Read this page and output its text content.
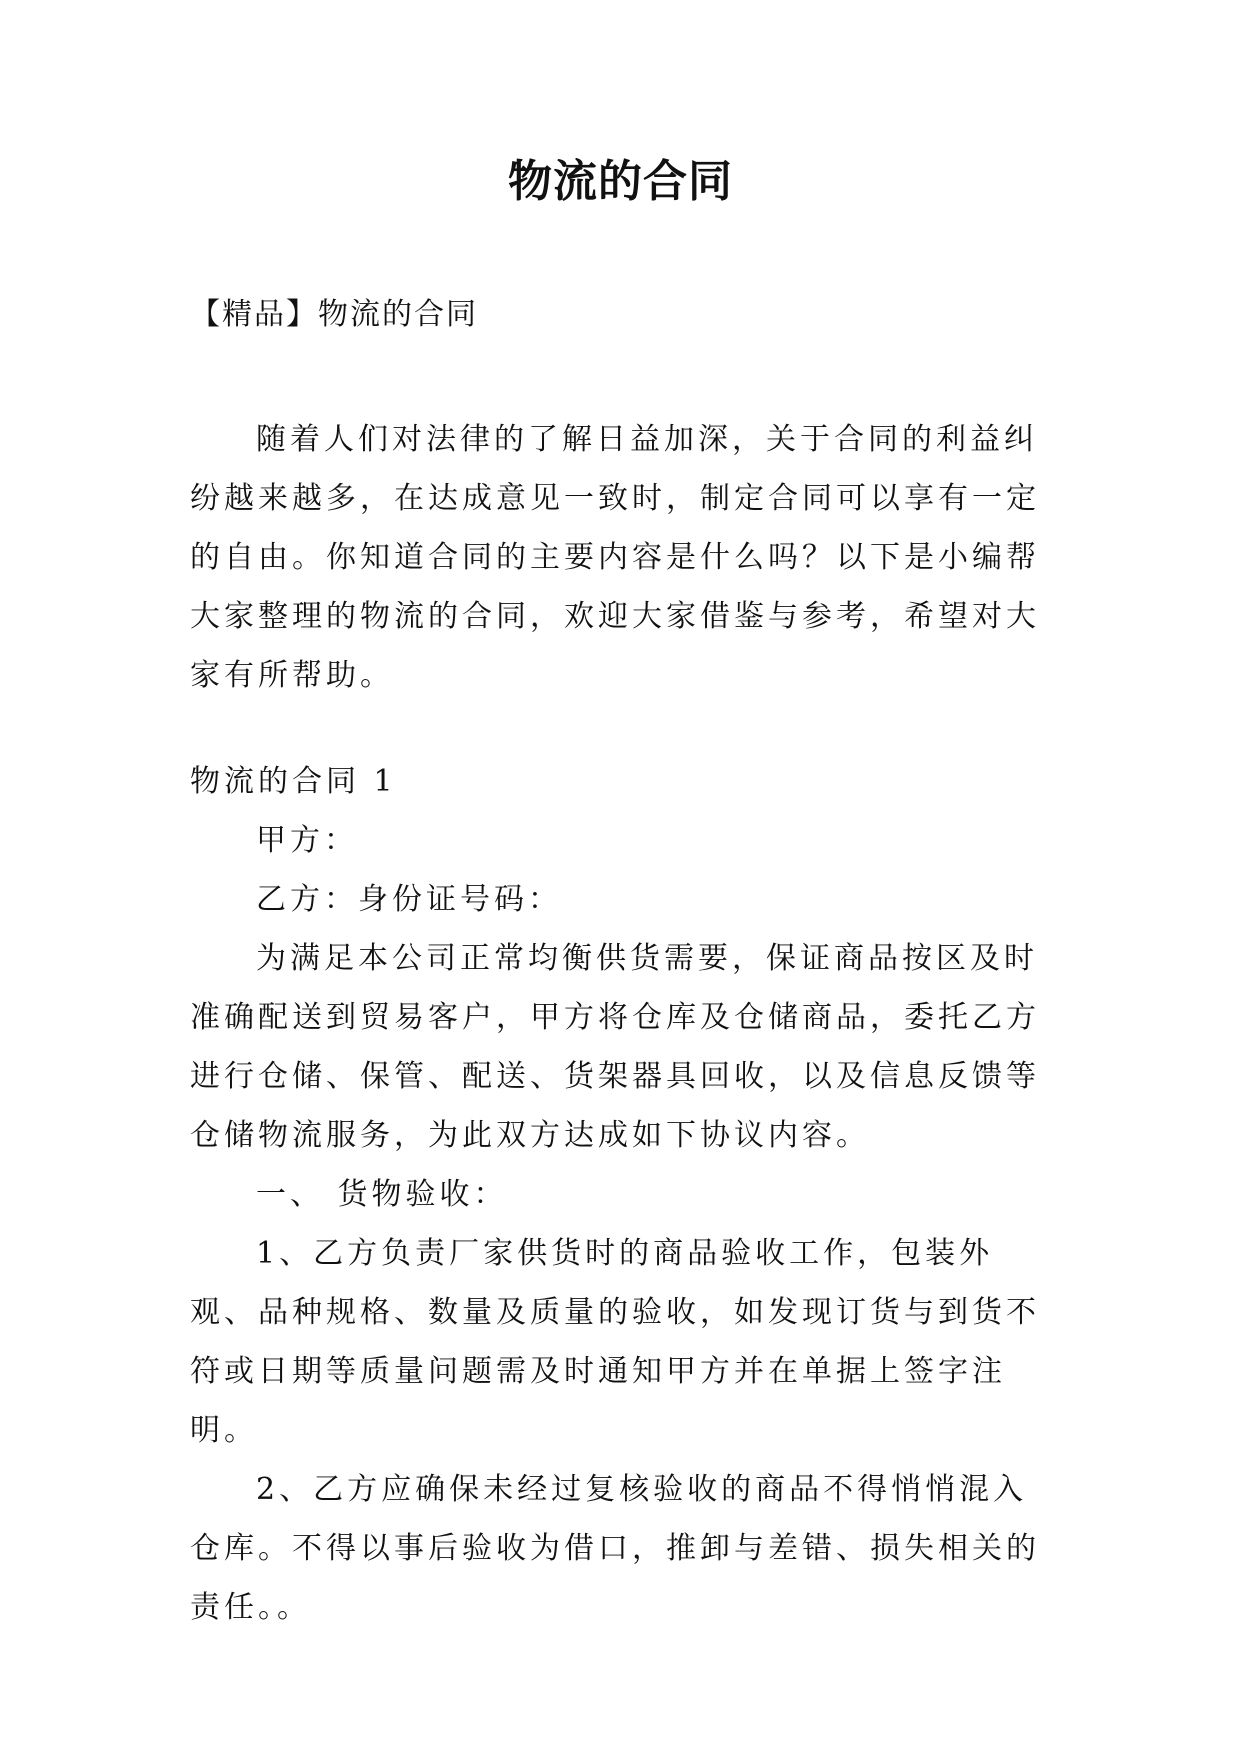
物流的合同
【精品】物流的合同

随着人们对法律的了解日益加深，关于合同的利益纠纷越来越多，在达成意见一致时，制定合同可以享有一定的自由。你知道合同的主要内容是什么吗？以下是小编帮大家整理的物流的合同，欢迎大家借鉴与参考，希望对大家有所帮助。

物流的合同 1

甲方：

乙方：身份证号码：

为满足本公司正常均衡供货需要，保证商品按区及时准确配送到贸易客户，甲方将仓库及仓储商品，委托乙方进行仓储、保管、配送、货架器具回收，以及信息反馈等仓储物流服务，为此双方达成如下协议内容。

一、 货物验收：

1、乙方负责厂家供货时的商品验收工作，包装外观、品种规格、数量及质量的验收，如发现订货与到货不符或日期等质量问题需及时通知甲方并在单据上签字注明。

2、乙方应确保未经过复核验收的商品不得悄悄混入仓库。不得以事后验收为借口，推卸与差错、损失相关的责任。。
